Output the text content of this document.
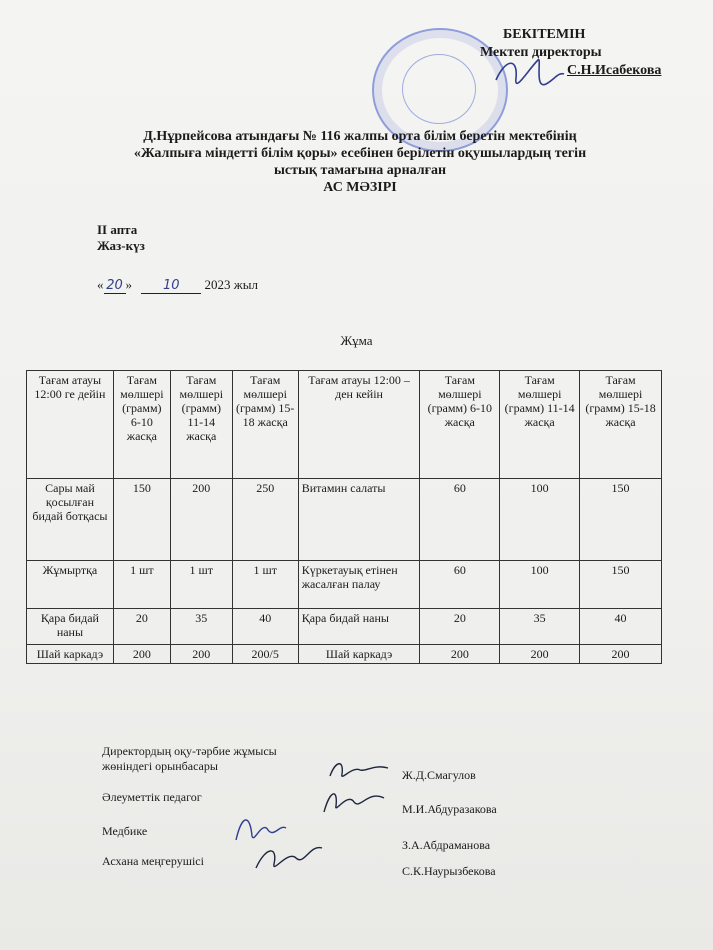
БЕКІТЕМІН
Мектеп директоры
С.Н.Исабекова
Д.Нұрпейсова атындағы № 116 жалпы орта білім беретін мектебінің
«Жалпыға міндетті білім қоры» есебінен берілетін оқушылардың тегін
ыстық тамағына арналған
АС МӘЗІРІ
II апта
Жаз-күз
« 20 » 10 2023 жыл
Жұма
Тағам атауы 12:00 ге дейін	Тағам мөлшері (грамм) 6-10 жасқа	Тағам мөлшері (грамм) 11-14 жасқа	Тағам мөлшері (грамм) 15-18 жасқа	Тағам атауы 12:00 – ден кейін	Тағам мөлшері (грамм) 6-10 жасқа	Тағам мөлшері (грамм) 11-14 жасқа	Тағам мөлшері (грамм) 15-18 жасқа
Сары май қосылған бидай ботқасы	150	200	250	Витамин салаты	60	100	150
Жұмыртқа	1 шт	1 шт	1 шт	Күркетауық етінен жасалған палау	60	100	150
Қара бидай наны	20	35	40	Қара бидай наны	20	35	40
Шай каркадэ	200	200	200/5	Шай каркадэ	200	200	200
Директордың оқу-тәрбие жұмысы жөніндегі орынбасары
Ж.Д.Смагулов
Әлеуметтік педагог
М.И.Абдуразакова
Медбике
З.А.Абдраманова
Асхана меңгерушісі
С.К.Наурызбекова
